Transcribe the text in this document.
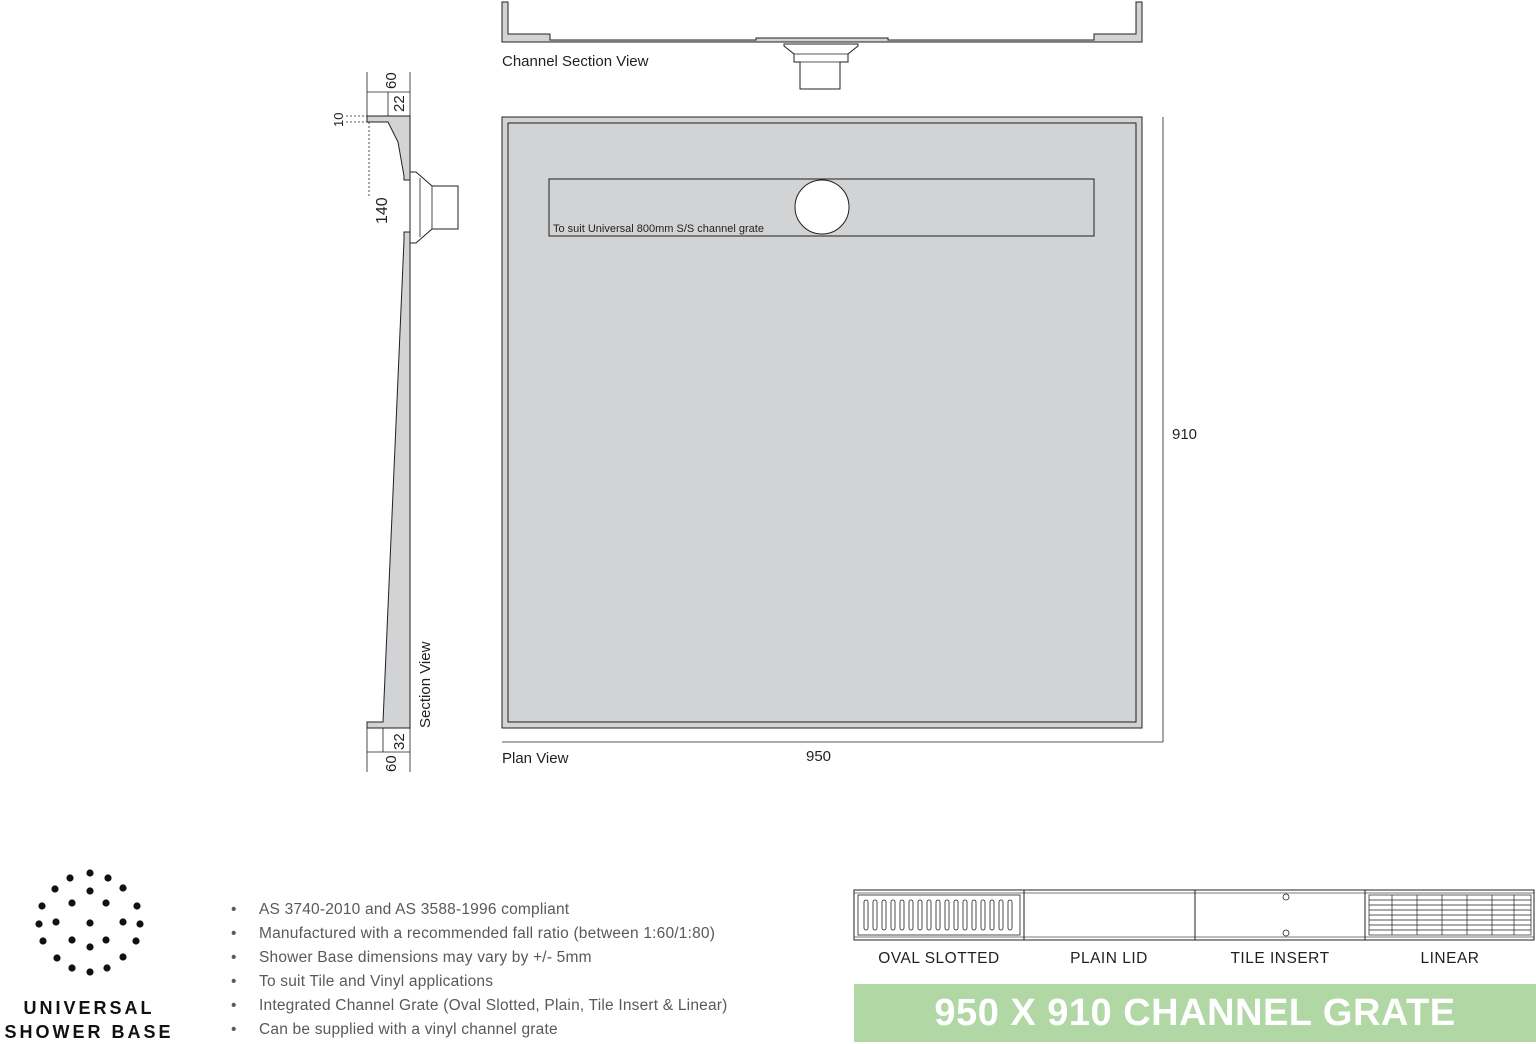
Channel Section View
To suit Universal 800mm S/S channel grate
Plan View
910
950
60
22
10
140
32
60
Section View
UNIVERSAL
SHOWER BASE
• AS 3740-2010 and AS 3588-1996 compliant
• Manufactured with a recommended fall ratio (between 1:60/1:80)
• Shower Base dimensions may vary by +/- 5mm
• To suit Tile and Vinyl applications
• Integrated Channel Grate (Oval Slotted, Plain, Tile Insert & Linear)
• Can be supplied with a vinyl channel grate
OVAL SLOTTED	PLAIN LID	TILE INSERT	LINEAR
950 X 910 CHANNEL GRATE
